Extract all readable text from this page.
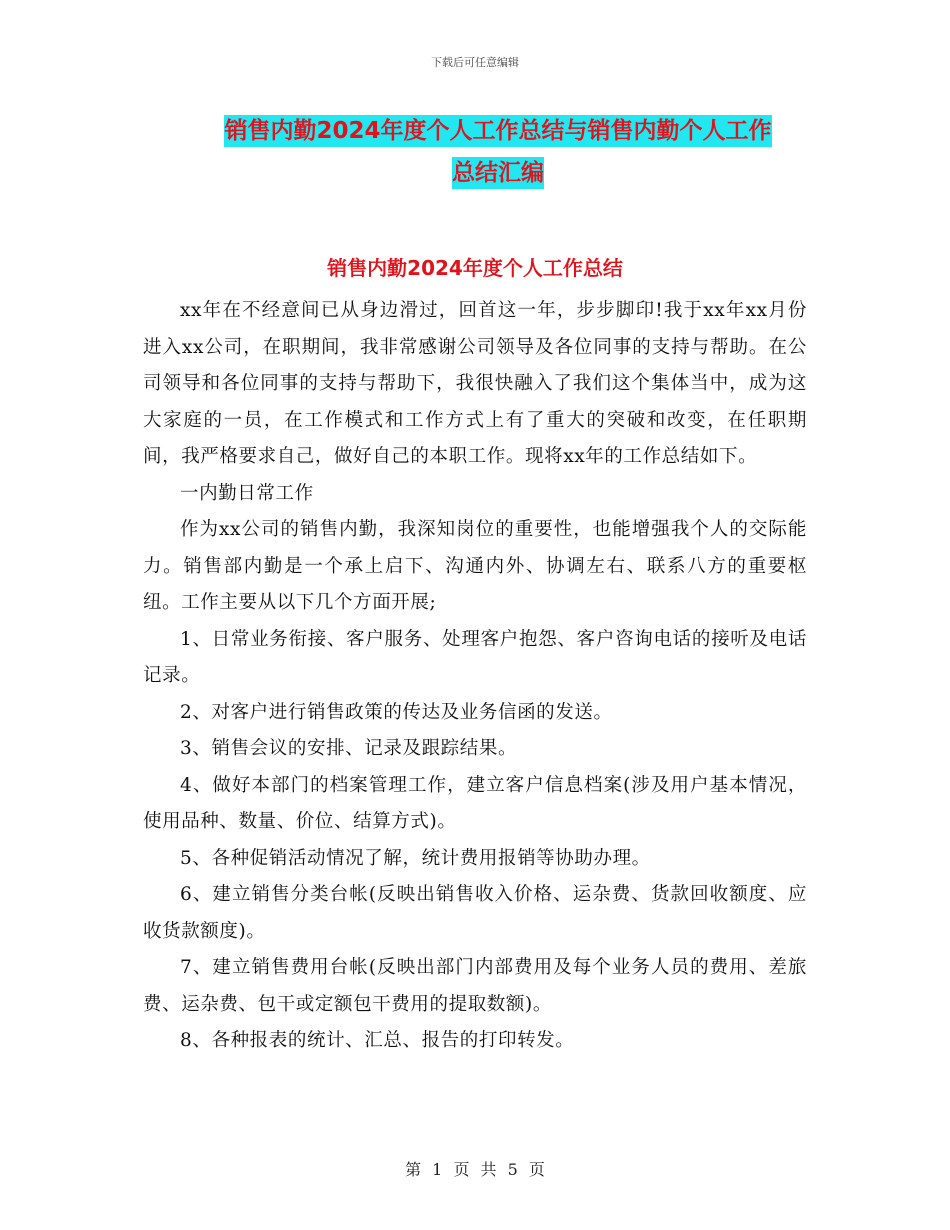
下载后可任意编辑
销售内勤2024年度个人工作总结与销售内勤个人工作
总结汇编
销售内勤2024年度个人工作总结

xx年在不经意间已从身边滑过，回首这一年，步步脚印!我于xx年xx月份进入xx公司，在职期间，我非常感谢公司领导及各位同事的支持与帮助。在公司领导和各位同事的支持与帮助下，我很快融入了我们这个集体当中，成为这大家庭的一员，在工作模式和工作方式上有了重大的突破和改变，在任职期间，我严格要求自己，做好自己的本职工作。现将xx年的工作总结如下。

一内勤日常工作

作为xx公司的销售内勤，我深知岗位的重要性，也能增强我个人的交际能力。销售部内勤是一个承上启下、沟通内外、协调左右、联系八方的重要枢纽。工作主要从以下几个方面开展;

1、日常业务衔接、客户服务、处理客户抱怨、客户咨询电话的接听及电话记录。

2、对客户进行销售政策的传达及业务信函的发送。

3、销售会议的安排、记录及跟踪结果。

4、做好本部门的档案管理工作，建立客户信息档案(涉及用户基本情况，使用品种、数量、价位、结算方式)。

5、各种促销活动情况了解，统计费用报销等协助办理。

6、建立销售分类台帐(反映出销售收入价格、运杂费、货款回收额度、应收货款额度)。

7、建立销售费用台帐(反映出部门内部费用及每个业务人员的费用、差旅费、运杂费、包干或定额包干费用的提取数额)。

8、各种报表的统计、汇总、报告的打印转发。

第 1 页 共 5 页
